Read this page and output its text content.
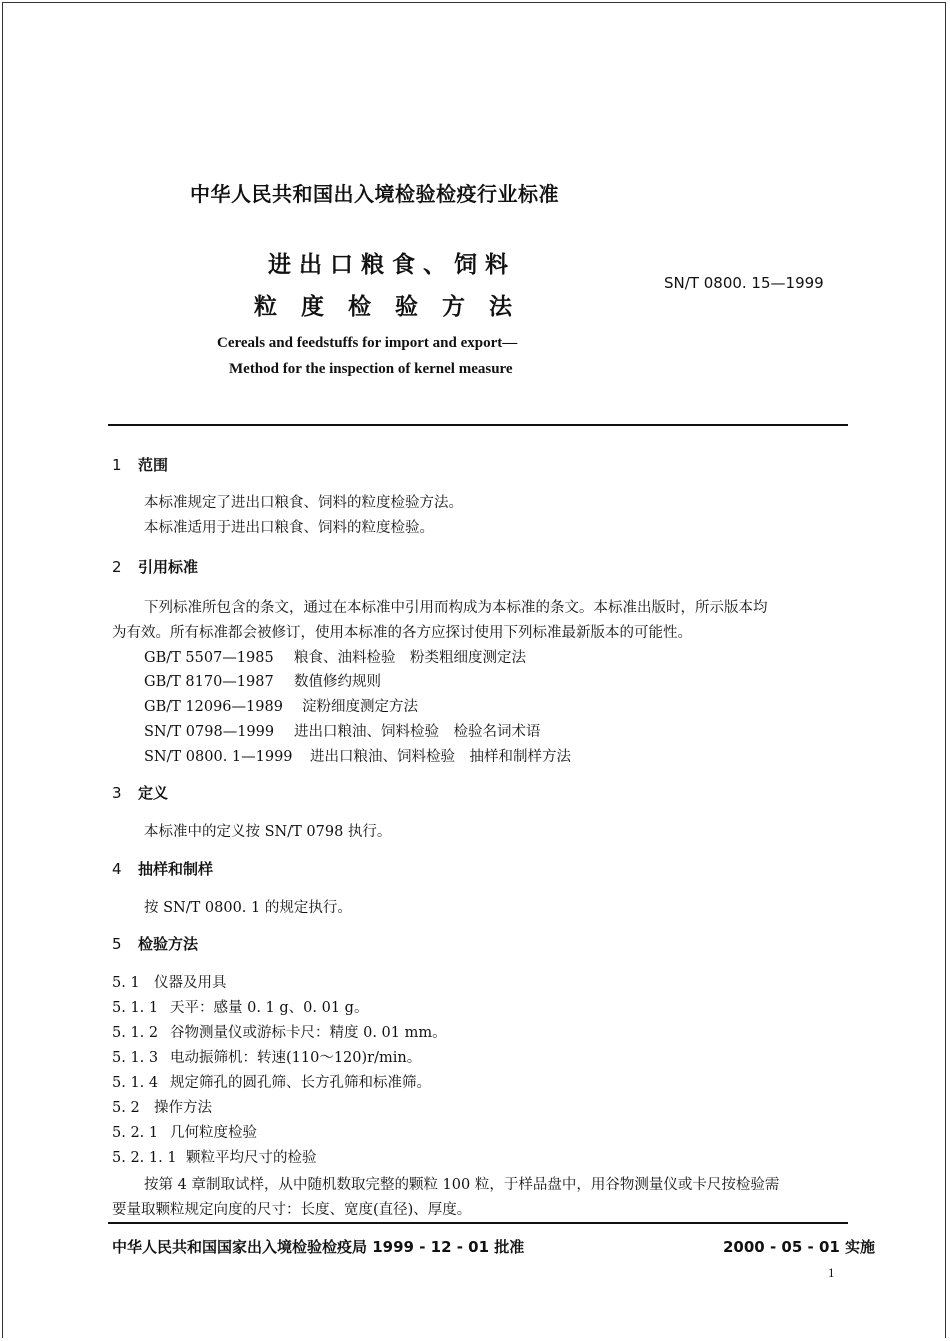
中华人民共和国出入境检验检疫行业标准
进出口粮食、饲料
粒度检验方法
SN/T 0800. 15—1999
Cereals and feedstuffs for import and export—
Method for the inspection of kernel measure
1 范围
本标准规定了进出口粮食、饲料的粒度检验方法。
本标准适用于进出口粮食、饲料的粒度检验。
2 引用标准
下列标准所包含的条文，通过在本标准中引用而构成为本标准的条文。本标准出版时，所示版本均
为有效。所有标准都会被修订，使用本标准的各方应探讨使用下列标准最新版本的可能性。
GB/T 5507—1985 粮食、油料检验　粉类粗细度测定法
GB/T 8170—1987 数值修约规则
GB/T 12096—1989 淀粉细度测定方法
SN/T 0798—1999 进出口粮油、饲料检验　检验名词术语
SN/T 0800. 1—1999 进出口粮油、饲料检验　抽样和制样方法
3 定义
本标准中的定义按 SN/T 0798 执行。
4 抽样和制样
按 SN/T 0800. 1 的规定执行。
5 检验方法
5. 1 仪器及用具
5. 1. 1 天平：感量 0. 1 g、0. 01 g。
5. 1. 2 谷物测量仪或游标卡尺：精度 0. 01 mm。
5. 1. 3 电动振筛机：转速(110～120)r/min。
5. 1. 4 规定筛孔的圆孔筛、长方孔筛和标准筛。
5. 2 操作方法
5. 2. 1 几何粒度检验
5. 2. 1. 1 颗粒平均尺寸的检验
按第 4 章制取试样，从中随机数取完整的颗粒 100 粒，于样品盘中，用谷物测量仪或卡尺按检验需
要量取颗粒规定向度的尺寸：长度、宽度(直径)、厚度。
中华人民共和国国家出入境检验检疫局 1999 - 12 - 01 批准	2000 - 05 - 01 实施
1
